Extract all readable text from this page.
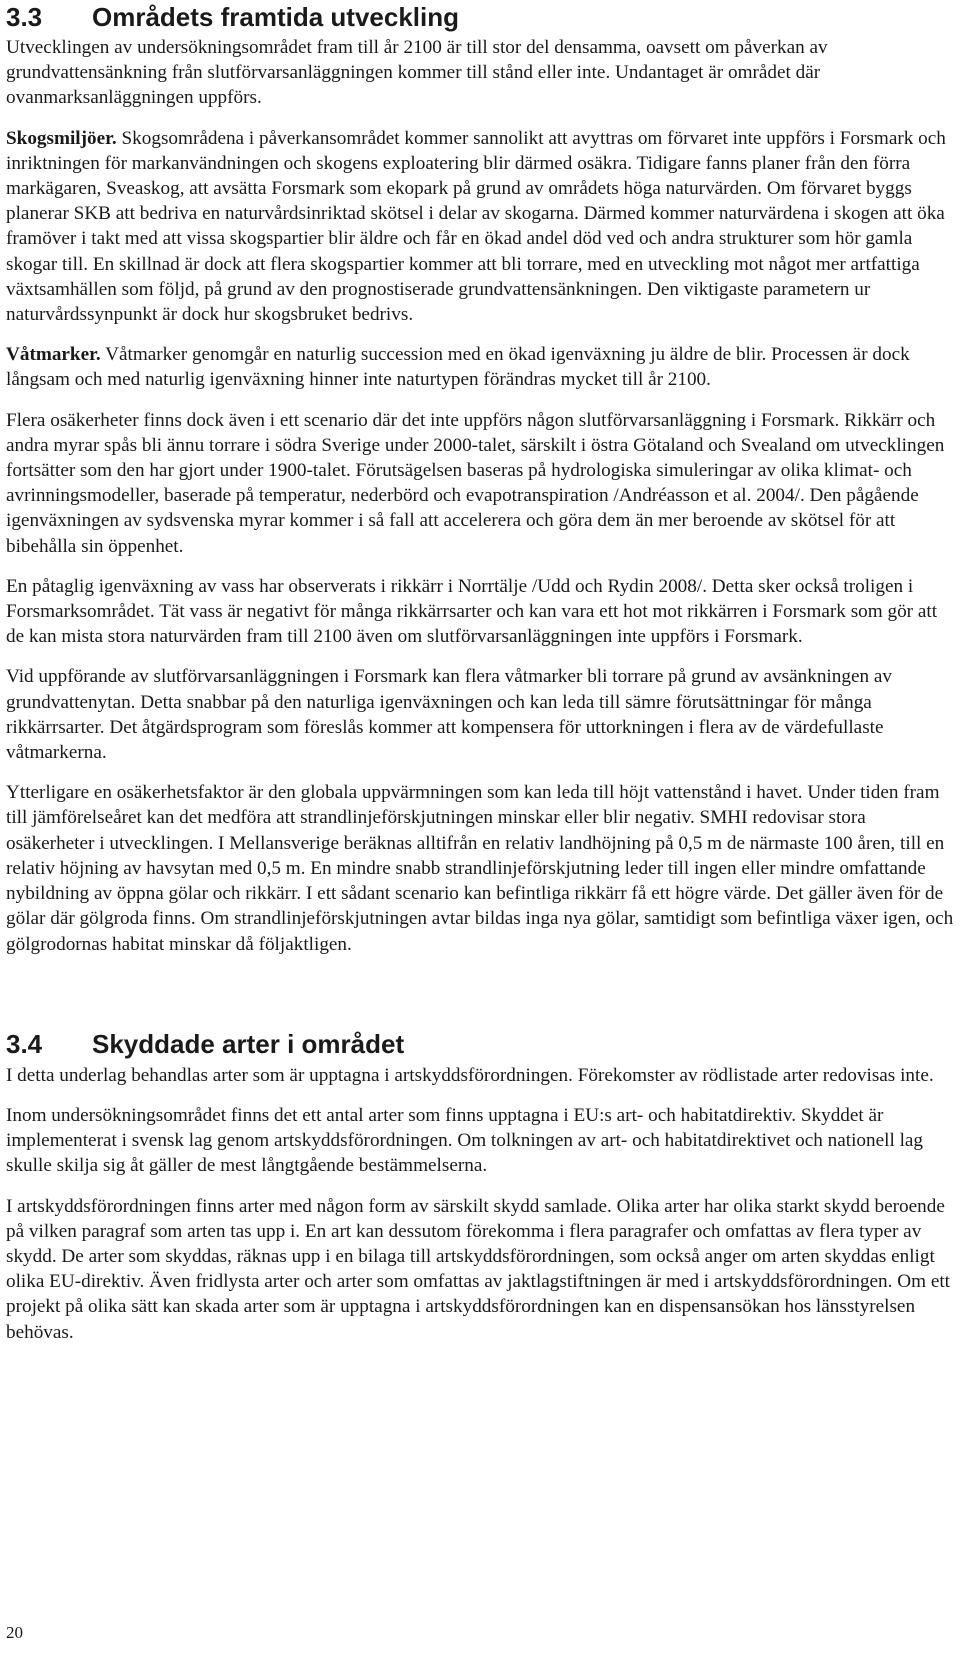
3.3	Områdets framtida utveckling

Utvecklingen av undersökningsområdet fram till år 2100 är till stor del densamma, oavsett om påverkan av grundvattensänkning från slutförvarsanläggningen kommer till stånd eller inte. Undantaget är området där ovanmarksanläggningen uppförs.

Skogsmiljöer. Skogsområdena i påverkansområdet kommer sannolikt att avyttras om förvaret inte uppförs i Forsmark och inriktningen för markanvändningen och skogens exploatering blir därmed osäkra. Tidigare fanns planer från den förra markägaren, Sveaskog, att avsätta Forsmark som ekopark på grund av områdets höga naturvärden. Om förvaret byggs planerar SKB att bedriva en naturvårdsinriktad skötsel i delar av skogarna. Därmed kommer naturvärdena i skogen att öka framöver i takt med att vissa skogspartier blir äldre och får en ökad andel död ved och andra strukturer som hör gamla skogar till. En skillnad är dock att flera skogspartier kommer att bli torrare, med en utveckling mot något mer artfattiga växtsamhällen som följd, på grund av den prognostiserade grundvattensänkningen. Den viktigaste parametern ur naturvårdssynpunkt är dock hur skogsbruket bedrivs.

Våtmarker. Våtmarker genomgår en naturlig succession med en ökad igenväxning ju äldre de blir. Processen är dock långsam och med naturlig igenväxning hinner inte naturtypen förändras mycket till år 2100.

Flera osäkerheter finns dock även i ett scenario där det inte uppförs någon slutförvarsanläggning i Forsmark. Rikkärr och andra myrar spås bli ännu torrare i södra Sverige under 2000-talet, särskilt i östra Götaland och Svealand om utvecklingen fortsätter som den har gjort under 1900-talet. Förutsägelsen baseras på hydrologiska simuleringar av olika klimat- och avrinningsmodeller, baserade på temperatur, nederbörd och evapotranspiration /Andréasson et al. 2004/. Den pågående igenväxningen av sydsvenska myrar kommer i så fall att accelerera och göra dem än mer beroende av skötsel för att bibehålla sin öppenhet.

En påtaglig igenväxning av vass har observerats i rikkärr i Norrtälje /Udd och Rydin 2008/. Detta sker också troligen i Forsmarksområdet. Tät vass är negativt för många rikkärrsarter och kan vara ett hot mot rikkärren i Forsmark som gör att de kan mista stora naturvärden fram till 2100 även om slutförvarsanläggningen inte uppförs i Forsmark.

Vid uppförande av slutförvarsanläggningen i Forsmark kan flera våtmarker bli torrare på grund av avsänkningen av grundvattenytan. Detta snabbar på den naturliga igenväxningen och kan leda till sämre förutsättningar för många rikkärrsarter. Det åtgärdsprogram som föreslås kommer att kompensera för uttorkningen i flera av de värdefullaste våtmarkerna.

Ytterligare en osäkerhetsfaktor är den globala uppvärmningen som kan leda till höjt vattenstånd i havet. Under tiden fram till jämförelseåret kan det medföra att strandlinjeförskjutningen minskar eller blir negativ. SMHI redovisar stora osäkerheter i utvecklingen. I Mellansverige beräknas alltifrån en relativ landhöjning på 0,5 m de närmaste 100 åren, till en relativ höjning av havsytan med 0,5 m. En mindre snabb strandlinjeförskjutning leder till ingen eller mindre omfattande nybildning av öppna gölar och rikkärr. I ett sådant scenario kan befintliga rikkärr få ett högre värde. Det gäller även för de gölar där gölgroda finns. Om strandlinjeförskjutningen avtar bildas inga nya gölar, samtidigt som befintliga växer igen, och gölgrodornas habitat minskar då följaktligen.

3.4	Skyddade arter i området

I detta underlag behandlas arter som är upptagna i artskyddsförordningen. Förekomster av rödlistade arter redovisas inte.

Inom undersökningsområdet finns det ett antal arter som finns upptagna i EU:s art- och habitatdirektiv. Skyddet är implementerat i svensk lag genom artskyddsförordningen. Om tolkningen av art- och habitatdirektivet och nationell lag skulle skilja sig åt gäller de mest långtgående bestämmelserna.

I artskyddsförordningen finns arter med någon form av särskilt skydd samlade. Olika arter har olika starkt skydd beroende på vilken paragraf som arten tas upp i. En art kan dessutom förekomma i flera paragrafer och omfattas av flera typer av skydd. De arter som skyddas, räknas upp i en bilaga till artskyddsförordningen, som också anger om arten skyddas enligt olika EU-direktiv. Även fridlysta arter och arter som omfattas av jaktlagstiftningen är med i artskyddsförordningen. Om ett projekt på olika sätt kan skada arter som är upptagna i artskyddsförordningen kan en dispensansökan hos länsstyrelsen behövas.

20
